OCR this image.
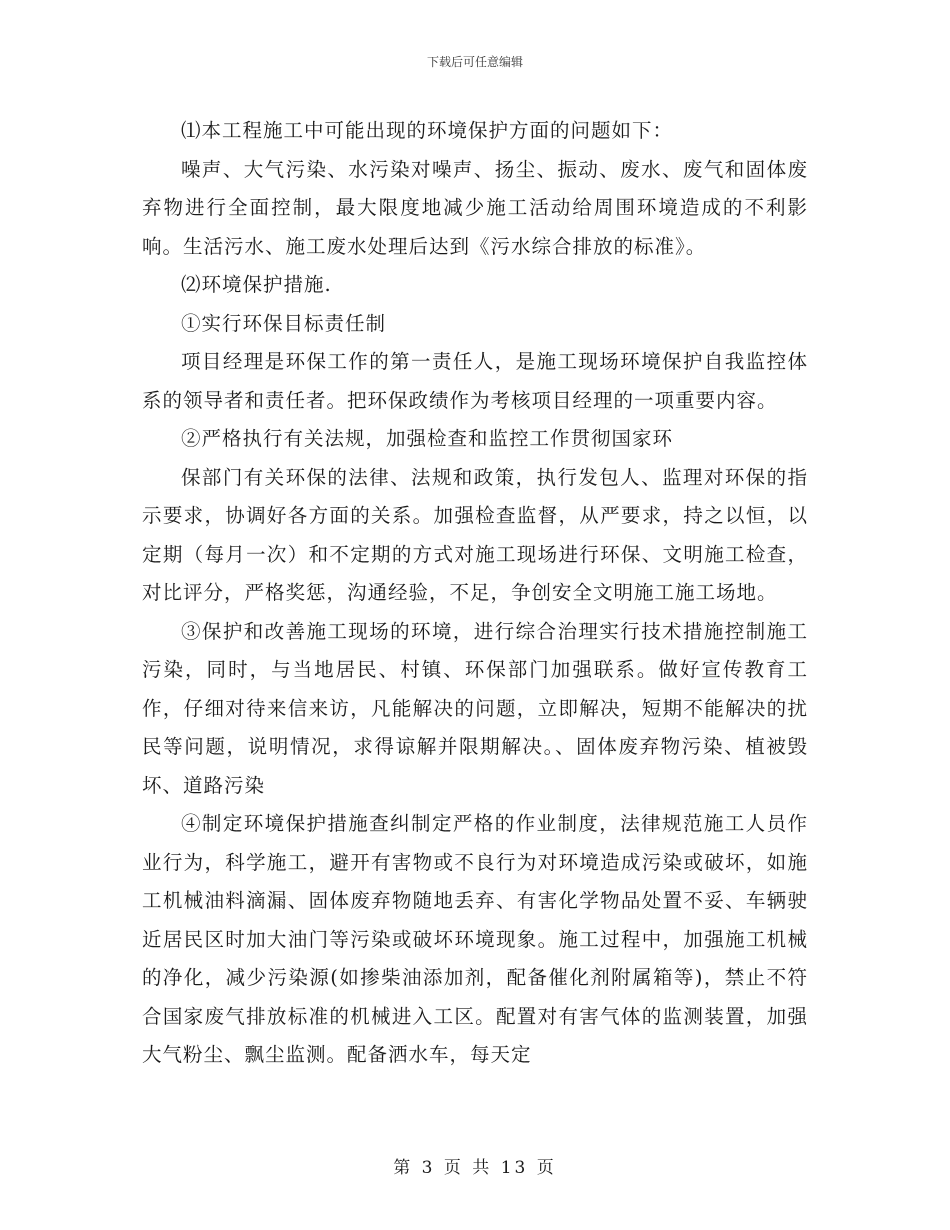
下载后可任意编辑

⑴本工程施工中可能出现的环境保护方面的问题如下：

噪声、大气污染、水污染对噪声、扬尘、振动、废水、废气和固体废弃物进行全面控制，最大限度地减少施工活动给周围环境造成的不利影响。生活污水、施工废水处理后达到《污水综合排放的标准》。

⑵环境保护措施.

①实行环保目标责任制

项目经理是环保工作的第一责任人，是施工现场环境保护自我监控体系的领导者和责任者。把环保政绩作为考核项目经理的一项重要内容。

②严格执行有关法规，加强检查和监控工作贯彻国家环

保部门有关环保的法律、法规和政策，执行发包人、监理对环保的指示要求，协调好各方面的关系。加强检查监督，从严要求，持之以恒，以定期（每月一次）和不定期的方式对施工现场进行环保、文明施工检查，对比评分，严格奖惩，沟通经验，不足，争创安全文明施工施工场地。

③保护和改善施工现场的环境，进行综合治理实行技术措施控制施工污染，同时，与当地居民、村镇、环保部门加强联系。做好宣传教育工作，仔细对待来信来访，凡能解决的问题，立即解决，短期不能解决的扰民等问题，说明情况，求得谅解并限期解决。、固体废弃物污染、植被毁坏、道路污染

④制定环境保护措施查纠制定严格的作业制度，法律规范施工人员作业行为，科学施工，避开有害物或不良行为对环境造成污染或破坏，如施工机械油料滴漏、固体废弃物随地丢弃、有害化学物品处置不妥、车辆驶近居民区时加大油门等污染或破坏环境现象。施工过程中，加强施工机械的净化，减少污染源(如掺柴油添加剂，配备催化剂附属箱等)，禁止不符合国家废气排放标准的机械进入工区。配置对有害气体的监测装置，加强大气粉尘、飘尘监测。配备洒水车，每天定

第 3 页 共 13 页
